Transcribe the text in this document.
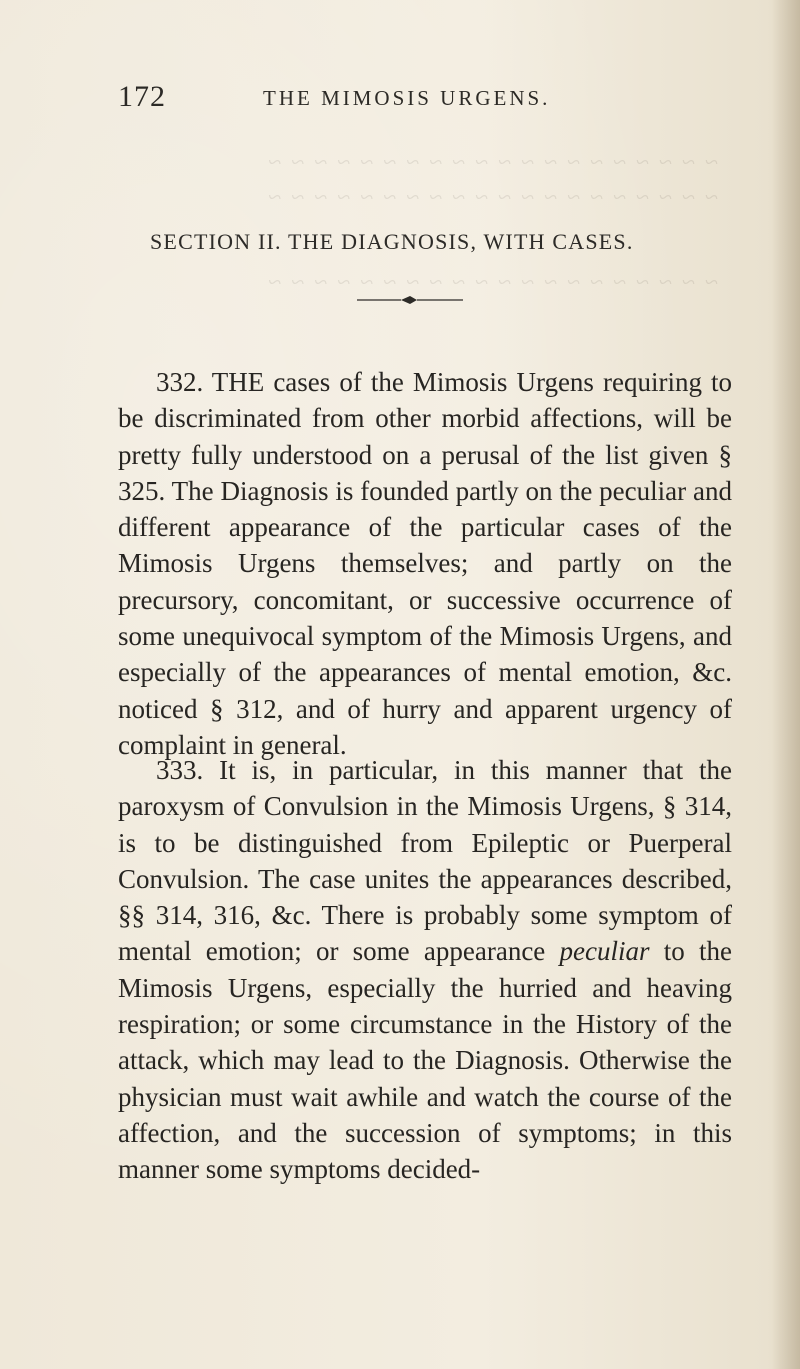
~ ~ ~ ~ ~ ~ ~ ~ ~ ~ ~ ~ ~ ~ ~ ~ ~ ~ ~ ~
~ ~ ~ ~ ~ ~ ~ ~ ~ ~ ~ ~ ~ ~ ~ ~ ~ ~ ~ ~
~ ~ ~ ~ ~ ~ ~ ~ ~ ~ ~ ~ ~ ~ ~ ~ ~ ~ ~ ~
172	THE MIMOSIS URGENS.
SECTION II. THE DIAGNOSIS, WITH CASES.

332. THE cases of the Mimosis Urgens requiring to be discriminated from other morbid affections, will be pretty fully understood on a perusal of the list given § 325. The Diagnosis is founded partly on the peculiar and different appearance of the particular cases of the Mimosis Urgens themselves; and partly on the precursory, concomitant, or successive occurrence of some unequivocal symptom of the Mimosis Urgens, and especially of the appearances of mental emotion, &c. noticed § 312, and of hurry and apparent urgency of complaint in general.

333. It is, in particular, in this manner that the paroxysm of Convulsion in the Mimosis Urgens, § 314, is to be distinguished from Epileptic or Puerperal Convulsion. The case unites the appearances described, §§ 314, 316, &c. There is probably some symptom of mental emotion; or some appearance peculiar to the Mimosis Urgens, especially the hurried and heaving respiration; or some circumstance in the History of the attack, which may lead to the Diagnosis. Otherwise the physician must wait awhile and watch the course of the affection, and the succession of symptoms; in this manner some symptoms decided-
